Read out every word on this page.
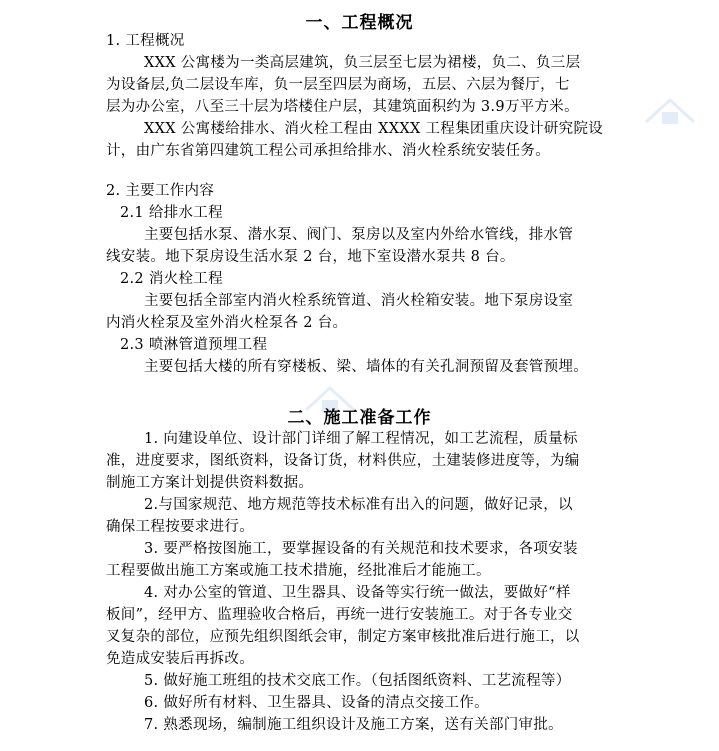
一、工程概况
1. 工程概况
XXX 公寓楼为一类高层建筑，负三层至七层为裙楼，负二、负三层
为设备层,负二层设车库，负一层至四层为商场，五层、六层为餐厅，七
层为办公室，八至三十层为塔楼住户层，其建筑面积约为 3.9万平方米。
XXX 公寓楼给排水、消火栓工程由 XXXX 工程集团重庆设计研究院设
计，由广东省第四建筑工程公司承担给排水、消火栓系统安装任务。
2. 主要工作内容
2.1 给排水工程
主要包括水泵、潜水泵、阀门、泵房以及室内外给水管线，排水管
线安装。地下泵房设生活水泵 2 台，地下室设潜水泵共 8 台。
2.2 消火栓工程
主要包括全部室内消火栓系统管道、消火栓箱安装。地下泵房设室
内消火栓泵及室外消火栓泵各 2 台。
2.3 喷淋管道预埋工程
主要包括大楼的所有穿楼板、梁、墙体的有关孔洞预留及套管预埋。
二、施工准备工作
1. 向建设单位、设计部门详细了解工程情况，如工艺流程，质量标
准，进度要求，图纸资料，设备订货，材料供应，土建装修进度等，为编
制施工方案计划提供资料数据。
2.与国家规范、地方规范等技术标准有出入的问题，做好记录，以
确保工程按要求进行。
3. 要严格按图施工，要掌握设备的有关规范和技术要求，各项安装
工程要做出施工方案或施工技术措施，经批准后才能施工。
4. 对办公室的管道、卫生器具、设备等实行统一做法，要做好“样
板间”，经甲方、监理验收合格后，再统一进行安装施工。对于各专业交
叉复杂的部位，应预先组织图纸会审，制定方案审核批准后进行施工，以
免造成安装后再拆改。
5. 做好施工班组的技术交底工作。（包括图纸资料、工艺流程等）
6. 做好所有材料、卫生器具、设备的清点交接工作。
7. 熟悉现场，编制施工组织设计及施工方案，送有关部门审批。
